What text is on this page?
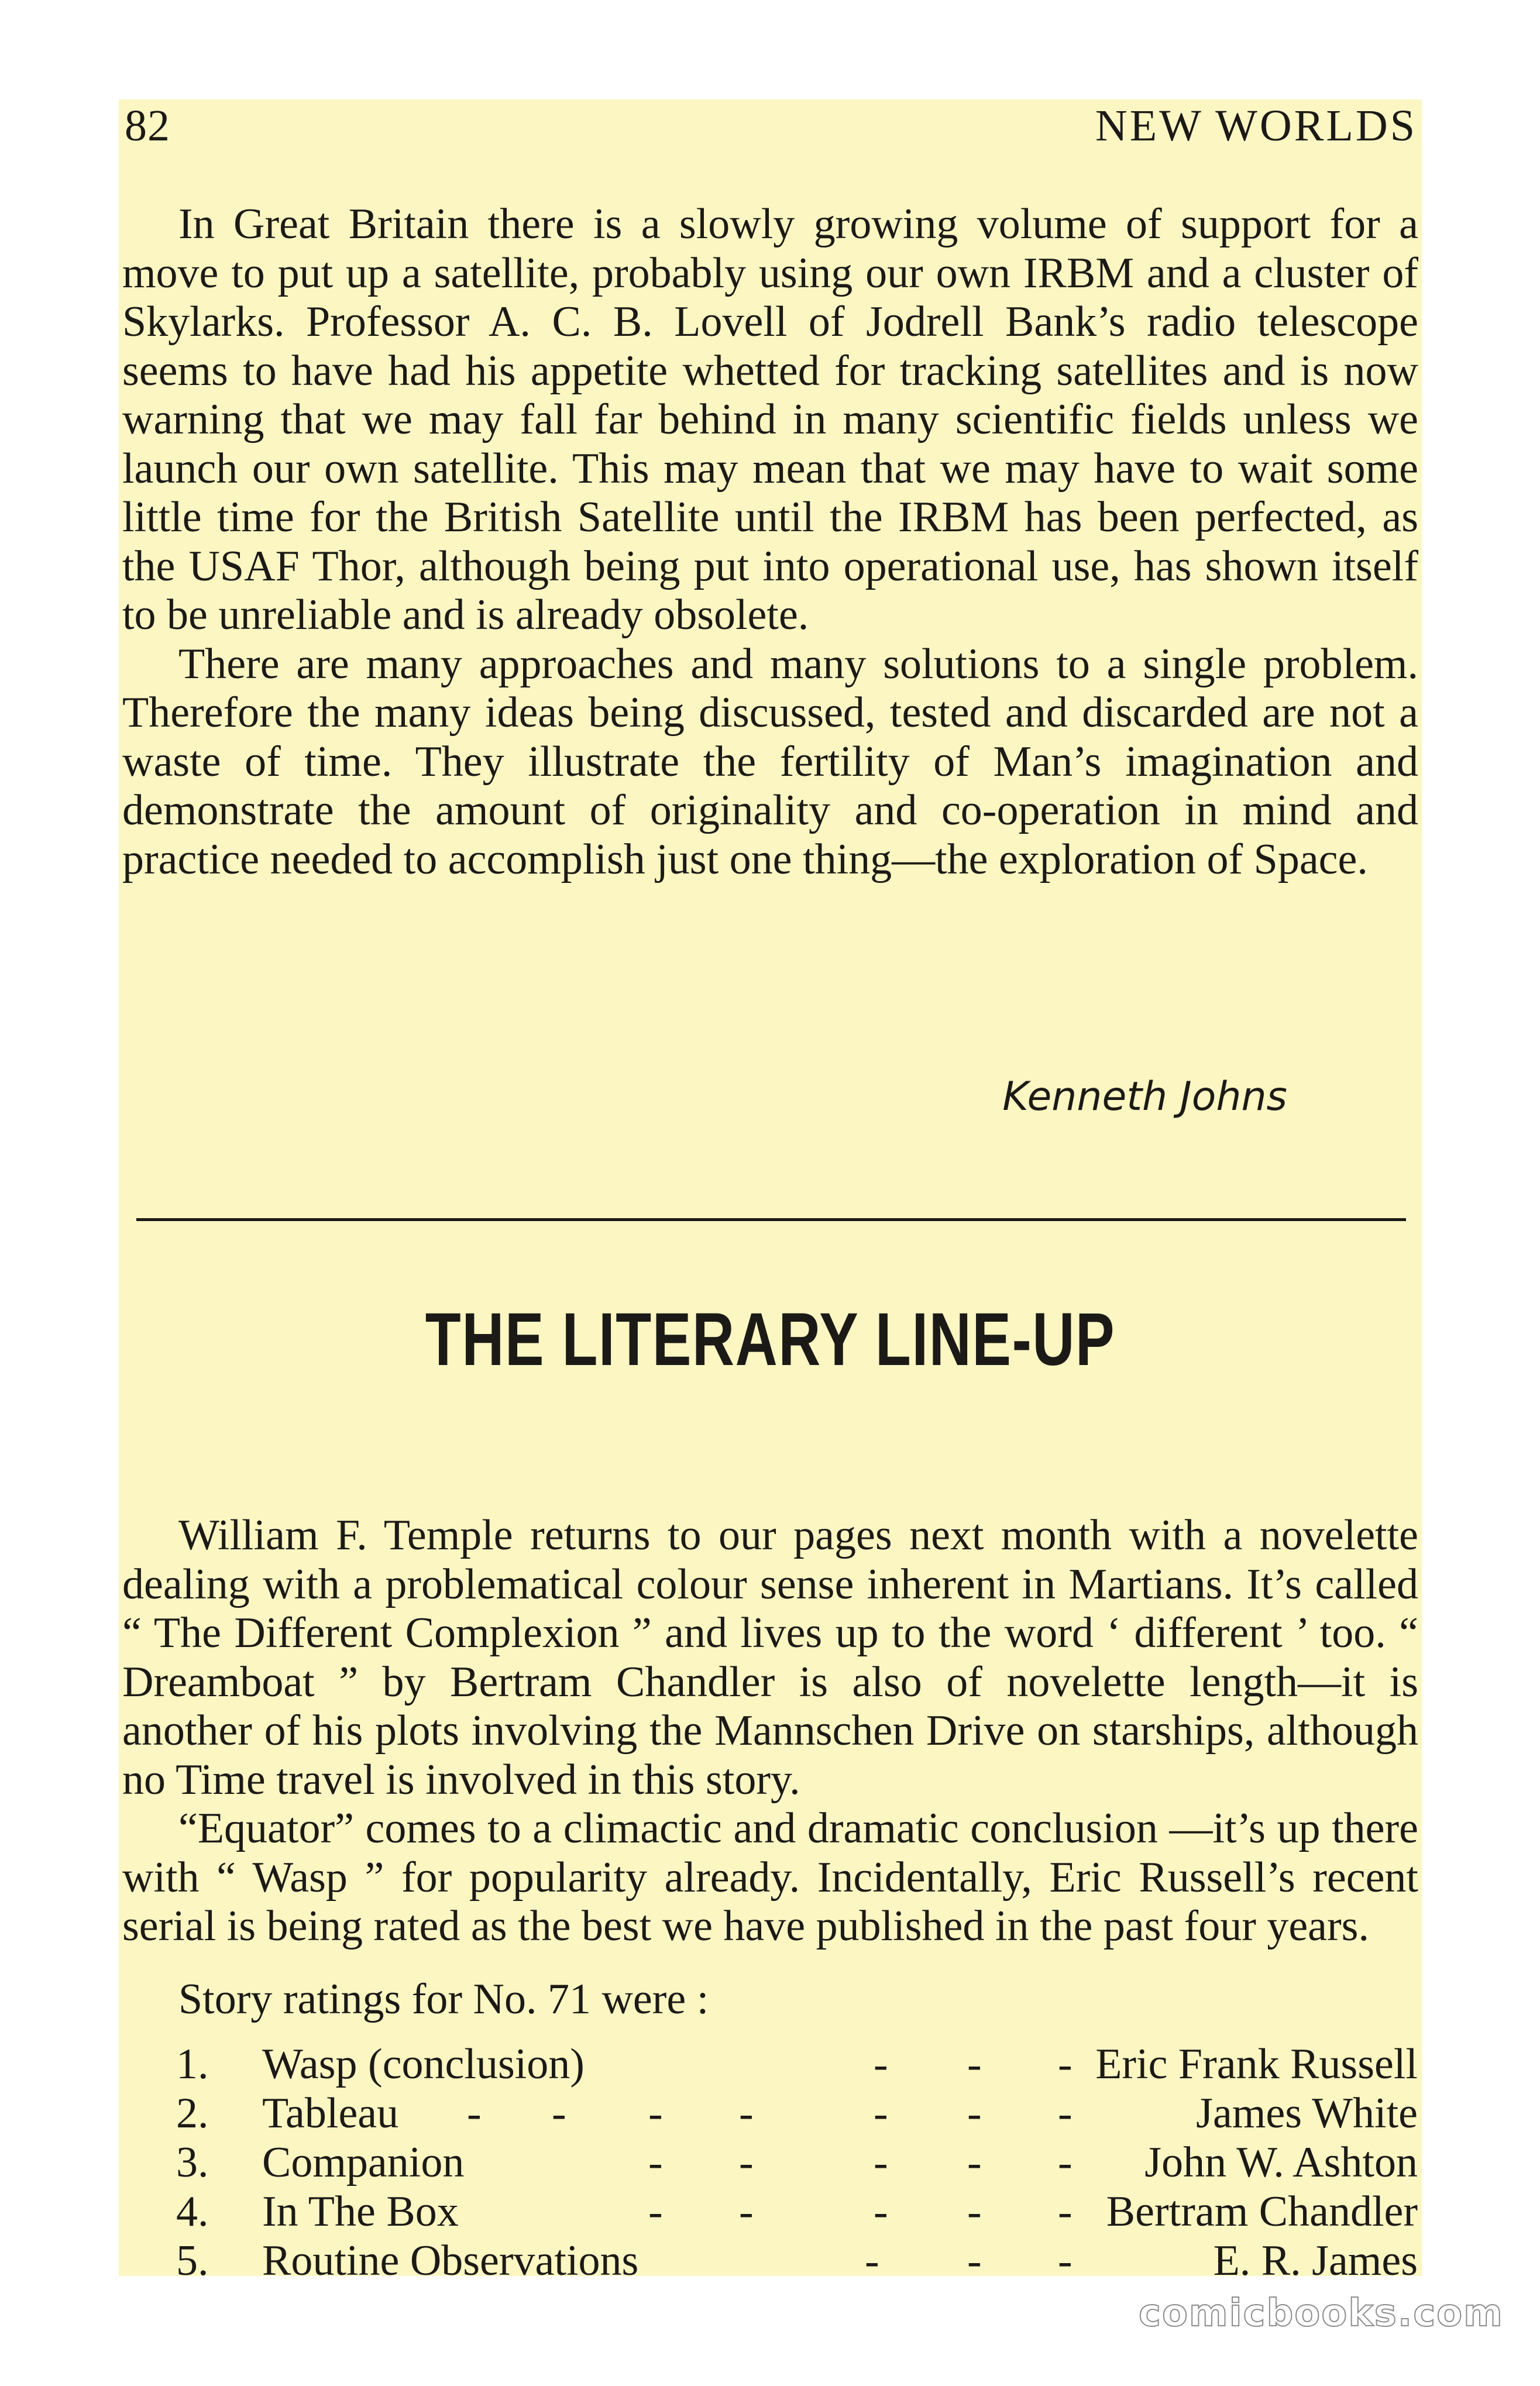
82	NEW WORLDS

In Great Britain there is a slowly growing volume of support for a move to put up a satellite, probably using our own IRBM and a cluster of Skylarks. Professor A. C. B. Lovell of Jodrell Bank’s radio telescope seems to have had his appetite whetted for tracking satellites and is now warning that we may fall far behind in many scientific fields unless we launch our own satellite. This may mean that we may have to wait some little time for the British Satellite until the IRBM has been perfected, as the USAF Thor, although being put into operational use, has shown itself to be unreliable and is already obsolete.

There are many approaches and many solutions to a single problem. Therefore the many ideas being discussed, tested and discarded are not a waste of time. They illustrate the fertility of Man’s imagination and demonstrate the amount of originality and co-operation in mind and practice needed to accomplish just one thing—the exploration of Space.

Kenneth Johns
THE LITERARY LINE-UP

William F. Temple returns to our pages next month with a novelette dealing with a problematical colour sense inherent in Martians. It’s called “ The Different Complexion ” and lives up to the word ‘ different ’ too. “ Dreamboat ” by Bertram Chandler is also of novelette length—it is another of his plots involving the Mannschen Drive on starships, although no Time travel is involved in this story.

“Equator” comes to a climactic and dramatic conclusion —it’s up there with “ Wasp ” for popularity already. Incidentally, Eric Russell’s recent serial is being rated as the best we have published in the past four years.

Story ratings for No. 71 were :
1. Wasp (conclusion)	- - - Eric Frank Russell
2. Tableau - - - -	- - -	James White
3. Companion	- -	- - - John W. Ashton
4. In The Box	- -	- - - Bertram Chandler
5. Routine Observations	- - -	E. R. James
comicbooks.com
